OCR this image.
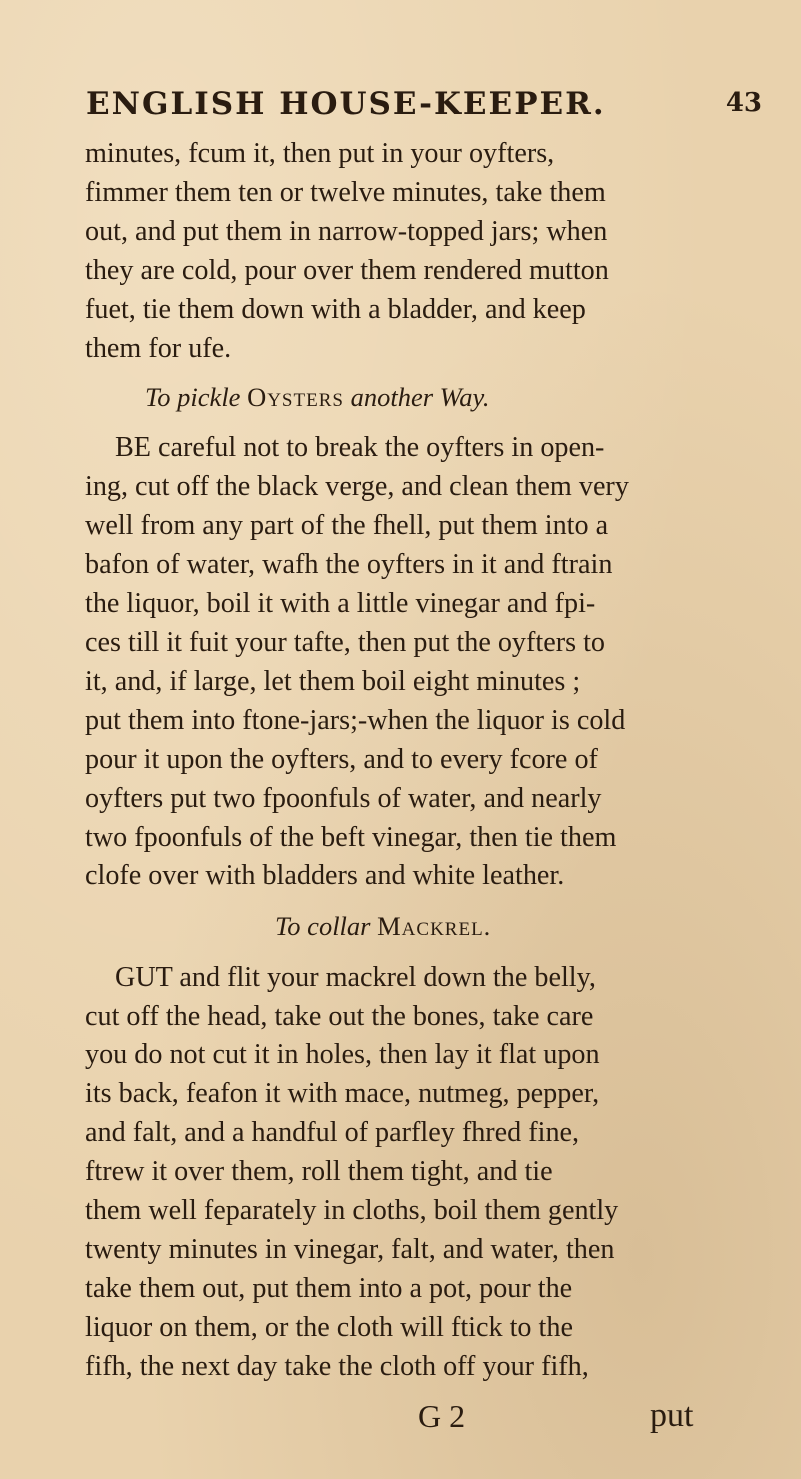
ENGLISH HOUSE-KEEPER.	43
minutes, fcum it, then put in your oyfters,
fimmer them ten or twelve minutes, take them
out, and put them in narrow-topped jars; when
they are cold, pour over them rendered mutton
fuet, tie them down with a bladder, and keep
them for ufe.
To pickle Oysters another Way.
BE careful not to break the oyfters in open-
ing, cut off the black verge, and clean them very
well from any part of the fhell, put them into a
bafon of water, wafh the oyfters in it and ftrain
the liquor, boil it with a little vinegar and fpi-
ces till it fuit your tafte, then put the oyfters to
it, and, if large, let them boil eight minutes ;
put them into ftone-jars;-when the liquor is cold
pour it upon the oyfters, and to every fcore of
oyfters put two fpoonfuls of water, and nearly
two fpoonfuls of the beft vinegar, then tie them
clofe over with bladders and white leather.
To collar Mackrel.
GUT and flit your mackrel down the belly,
cut off the head, take out the bones, take care
you do not cut it in holes, then lay it flat upon
its back, feafon it with mace, nutmeg, pepper,
and falt, and a handful of parfley fhred fine,
ftrew it over them, roll them tight, and tie
them well feparately in cloths, boil them gently
twenty minutes in vinegar, falt, and water, then
take them out, put them into a pot, pour the
liquor on them, or the cloth will ftick to the
fifh, the next day take the cloth off your fifh,
G 2	put
